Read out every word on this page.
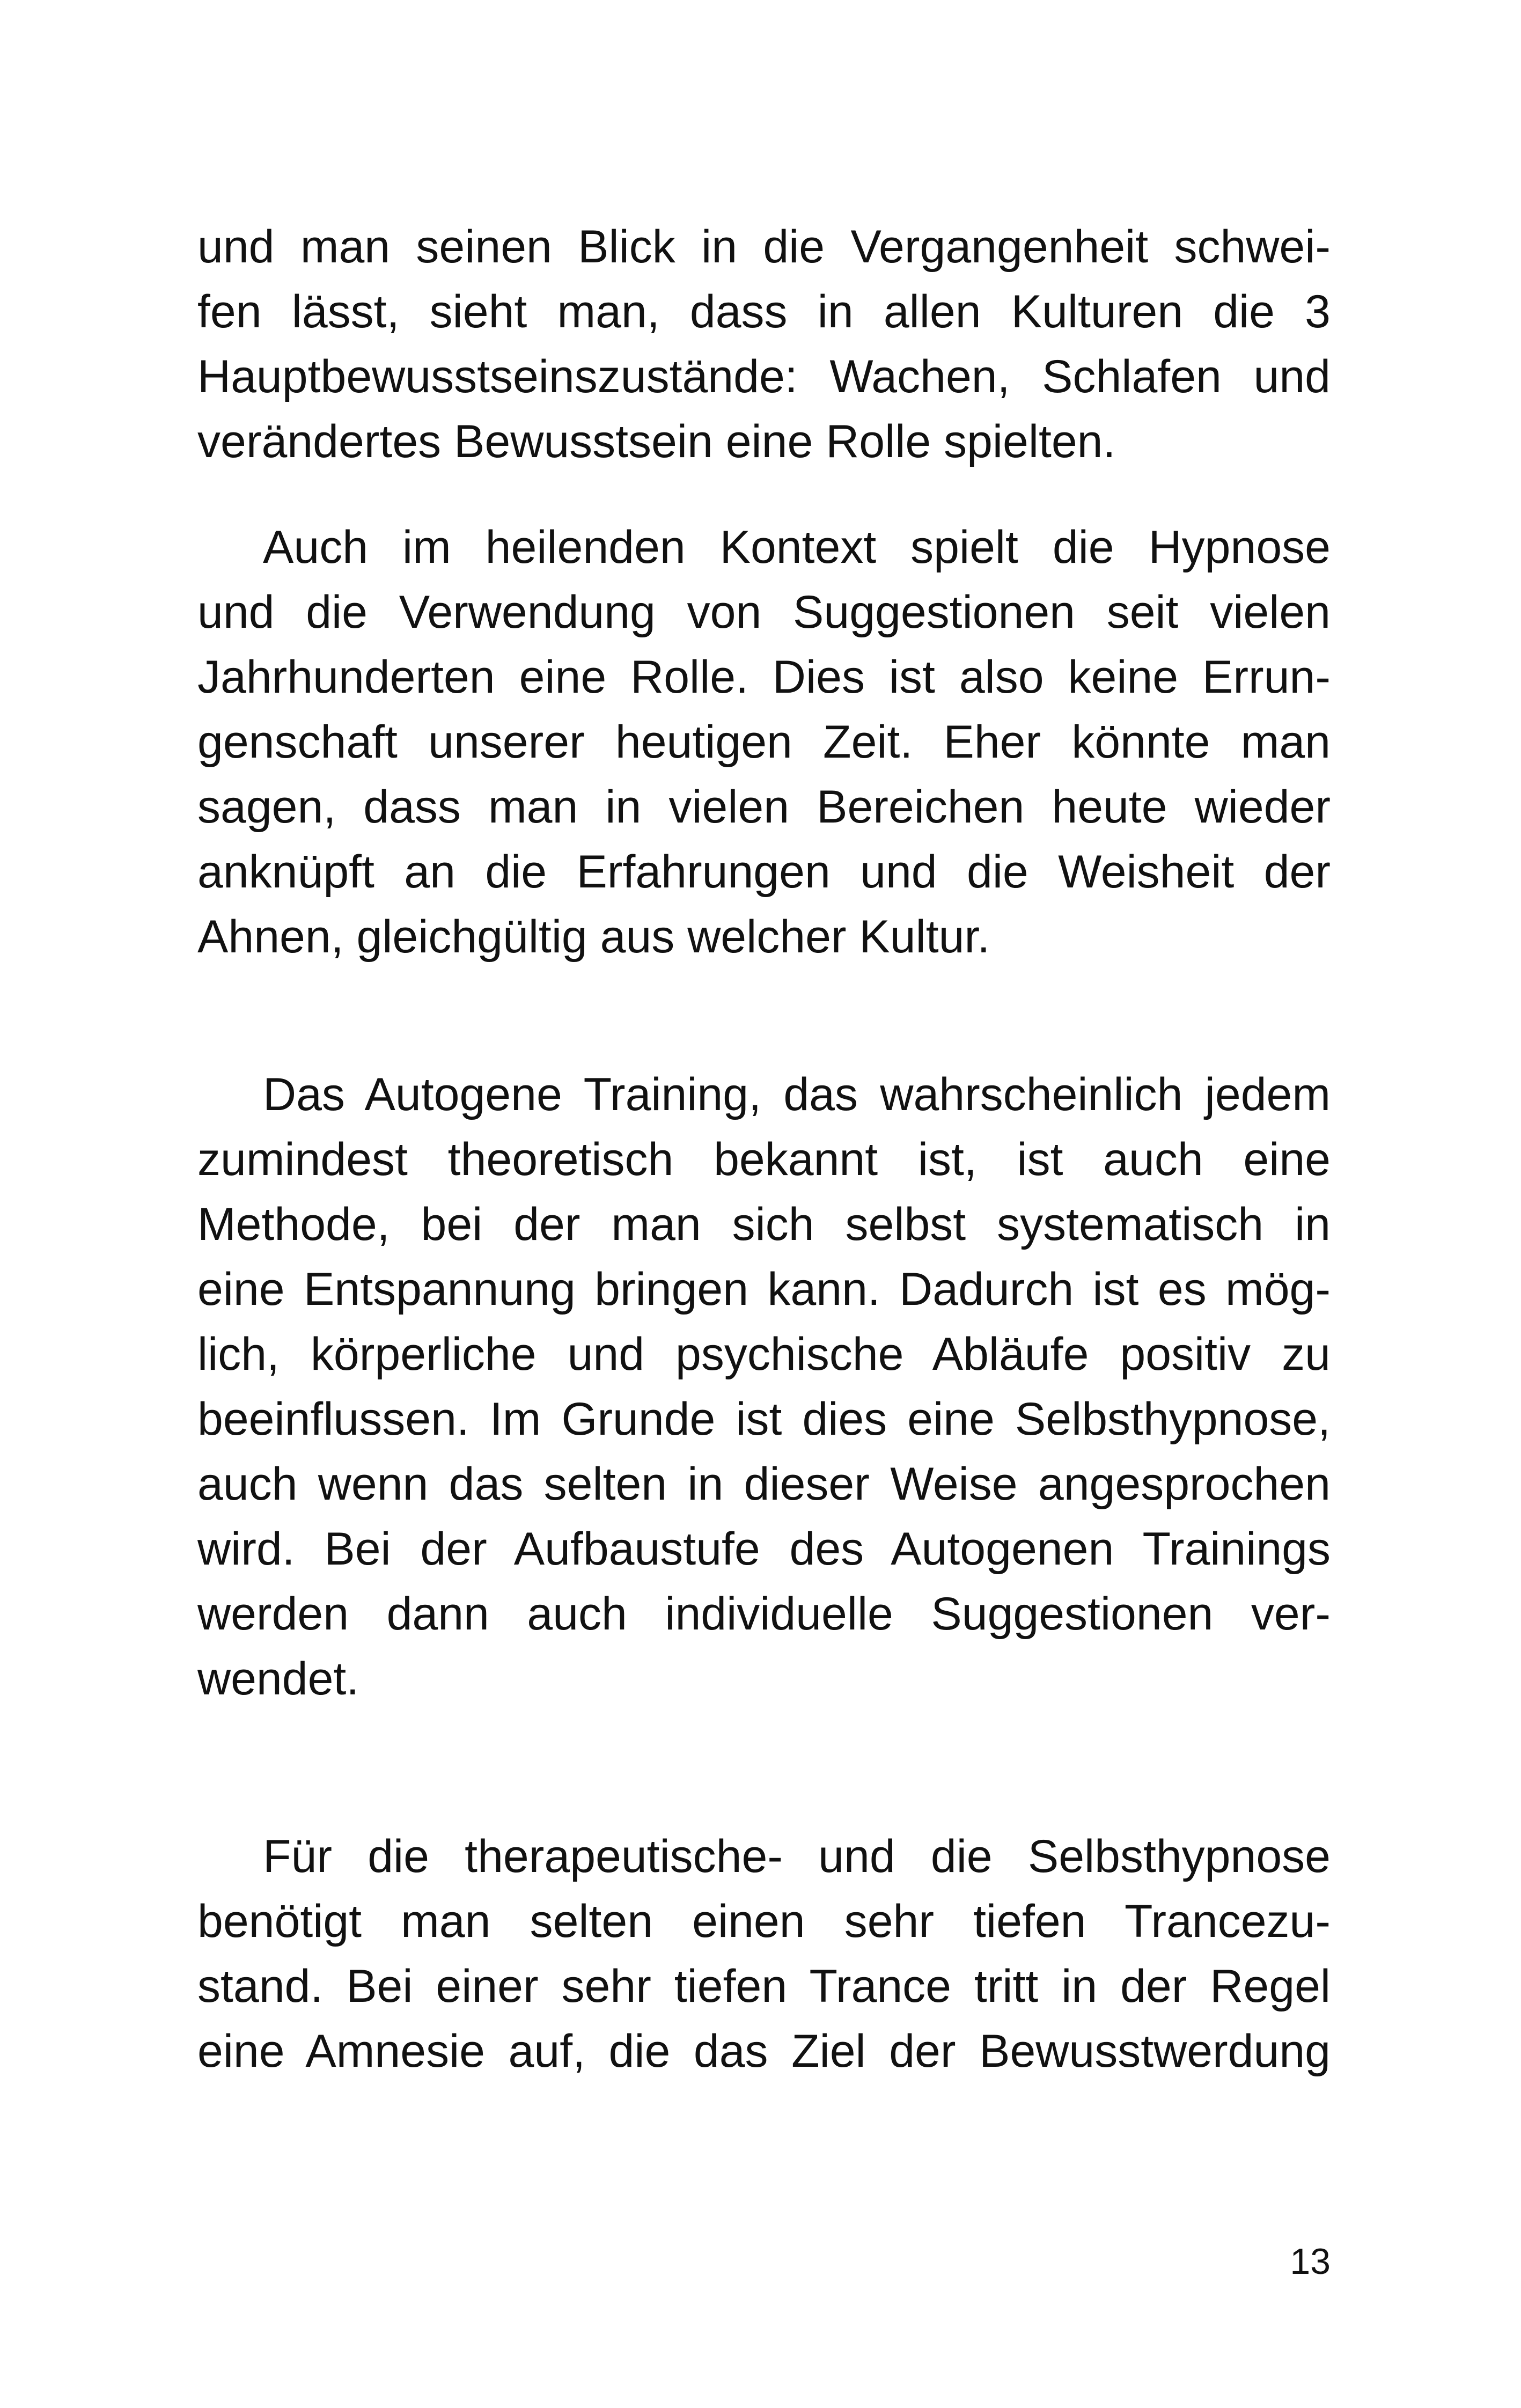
und man seinen Blick in die Vergangenheit schwei-
fen lässt, sieht man, dass in allen Kulturen die 3
Hauptbewusstseinszustände: Wachen, Schlafen und
verändertes Bewusstsein eine Rolle spielten.
Auch im heilenden Kontext spielt die Hypnose
und die Verwendung von Suggestionen seit vielen
Jahrhunderten eine Rolle. Dies ist also keine Errun-
genschaft unserer heutigen Zeit. Eher könnte man
sagen, dass man in vielen Bereichen heute wieder
anknüpft an die Erfahrungen und die Weisheit der
Ahnen, gleichgültig aus welcher Kultur.
Das Autogene Training, das wahrscheinlich jedem
zumindest theoretisch bekannt ist, ist auch eine
Methode, bei der man sich selbst systematisch in
eine Entspannung bringen kann. Dadurch ist es mög-
lich, körperliche und psychische Abläufe positiv zu
beeinflussen. Im Grunde ist dies eine Selbsthypnose,
auch wenn das selten in dieser Weise angesprochen
wird. Bei der Aufbaustufe des Autogenen Trainings
werden dann auch individuelle Suggestionen ver-
wendet.
Für die therapeutische- und die Selbsthypnose
benötigt man selten einen sehr tiefen Trancezu-
stand. Bei einer sehr tiefen Trance tritt in der Regel
eine Amnesie auf, die das Ziel der Bewusstwerdung
13
